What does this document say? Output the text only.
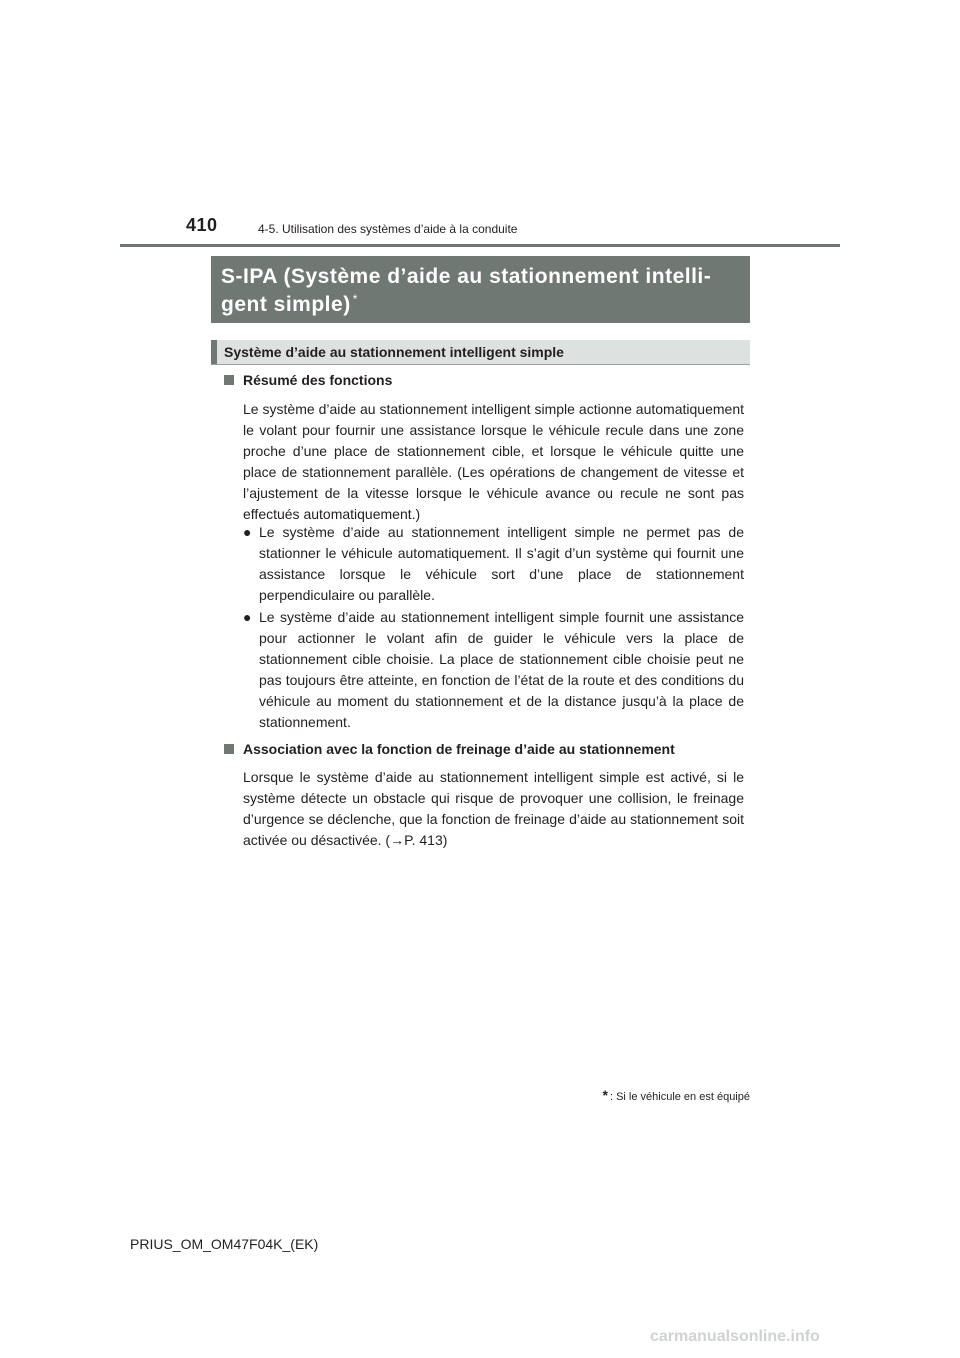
410	4-5. Utilisation des systèmes d’aide à la conduite
S-IPA (Système d’aide au stationnement intelli-
gent simple) *
Système d’aide au stationnement intelligent simple
Résumé des fonctions

Le système d’aide au stationnement intelligent simple actionne automatiquement le volant pour fournir une assistance lorsque le véhicule recule dans une zone proche d’une place de stationnement cible, et lorsque le véhicule quitte une place de stationnement parallèle. (Les opérations de changement de vitesse et l’ajustement de la vitesse lorsque le véhicule avance ou recule ne sont pas effectués automatiquement.)

● Le système d’aide au stationnement intelligent simple ne permet pas de stationner le véhicule automatiquement. Il s’agit d’un système qui fournit une assistance lorsque le véhicule sort d’une place de stationnement perpendiculaire ou parallèle.

● Le système d’aide au stationnement intelligent simple fournit une assistance pour actionner le volant afin de guider le véhicule vers la place de stationnement cible choisie. La place de stationnement cible choisie peut ne pas toujours être atteinte, en fonction de l’état de la route et des conditions du véhicule au moment du stationnement et de la distance jusqu’à la place de stationnement.

Association avec la fonction de freinage d’aide au stationnement

Lorsque le système d’aide au stationnement intelligent simple est activé, si le système détecte un obstacle qui risque de provoquer une collision, le freinage d’urgence se déclenche, que la fonction de freinage d’aide au stationnement soit activée ou désactivée. (→P. 413)

* : Si le véhicule en est équipé
PRIUS_OM_OM47F04K_(EK)
carmanualsonline.info
